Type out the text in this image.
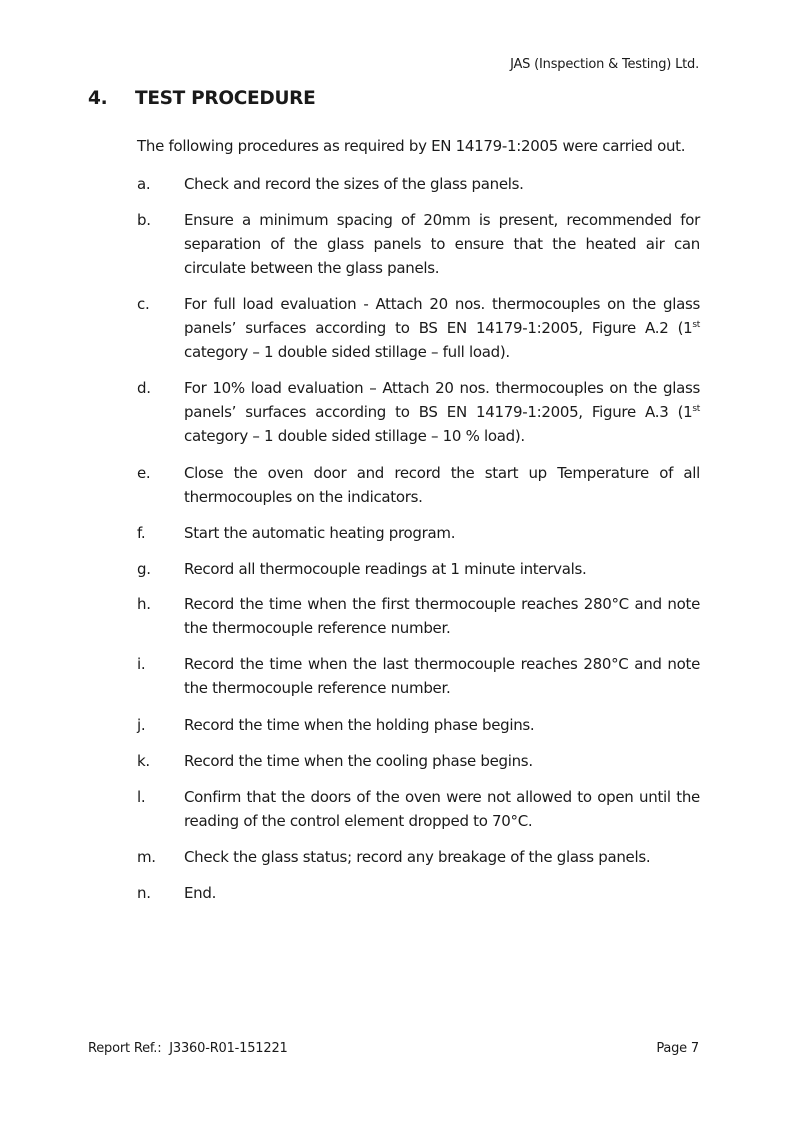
JAS (Inspection & Testing) Ltd.
4. TEST PROCEDURE
The following procedures as required by EN 14179-1:2005 were carried out.
a. Check and record the sizes of the glass panels.
b. Ensure a minimum spacing of 20mm is present, recommended for separation of the glass panels to ensure that the heated air can circulate between the glass panels.
c. For full load evaluation - Attach 20 nos. thermocouples on the glass panels’ surfaces according to BS EN 14179-1:2005, Figure A.2 (1st category – 1 double sided stillage – full load).
d. For 10% load evaluation – Attach 20 nos. thermocouples on the glass panels’ surfaces according to BS EN 14179-1:2005, Figure A.3 (1st category – 1 double sided stillage – 10 % load).
e. Close the oven door and record the start up Temperature of all thermocouples on the indicators.
f.	Start the automatic heating program.
g. Record all thermocouple readings at 1 minute intervals.
h. Record the time when the first thermocouple reaches 280°C and note the thermocouple reference number.
i.	Record the time when the last thermocouple reaches 280°C and note the thermocouple reference number.
j.	Record the time when the holding phase begins.
k. Record the time when the cooling phase begins.
l.	Confirm that the doors of the oven were not allowed to open until the reading of the control element dropped to 70°C.
m. Check the glass status; record any breakage of the glass panels.
n. End.
Report Ref.:  J3360-R01-151221	Page 7
